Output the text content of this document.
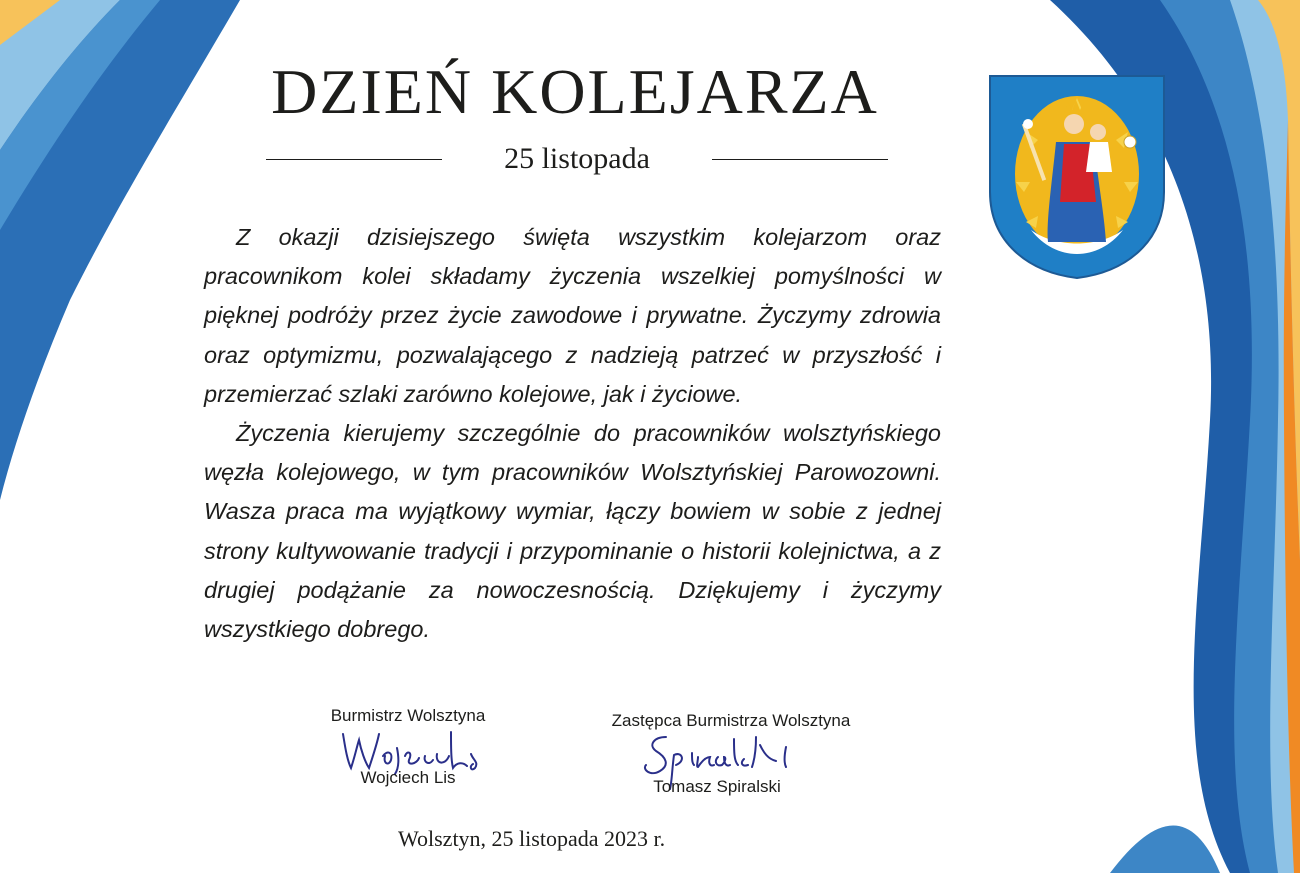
DZIEŃ KOLEJARZA
25 listopada

Z okazji dzisiejszego święta wszystkim kolejarzom oraz pracownikom kolei składamy życzenia wszelkiej pomyślności w pięknej podróży przez życie zawodowe i prywatne. Życzymy zdrowia oraz optymizmu, pozwalającego z nadzieją patrzeć w przyszłość i przemierzać szlaki zarówno kolejowe, jak i życiowe.

Życzenia kierujemy szczególnie do pracowników wolsztyńskiego węzła kolejowego, w tym pracowników Wolsztyńskiej Parowozowni. Wasza praca ma wyjątkowy wymiar, łączy bowiem w sobie z jednej strony kultywowanie tradycji i przypominanie o historii kolejnictwa, a z drugiej podążanie za nowoczesnością. Dziękujemy i życzymy wszystkiego dobrego.

Burmistrz Wolsztyna
Wojciech Lis
Zastępca Burmistrza Wolsztyna
Tomasz Spiralski
Wolsztyn, 25 listopada 2023 r.
